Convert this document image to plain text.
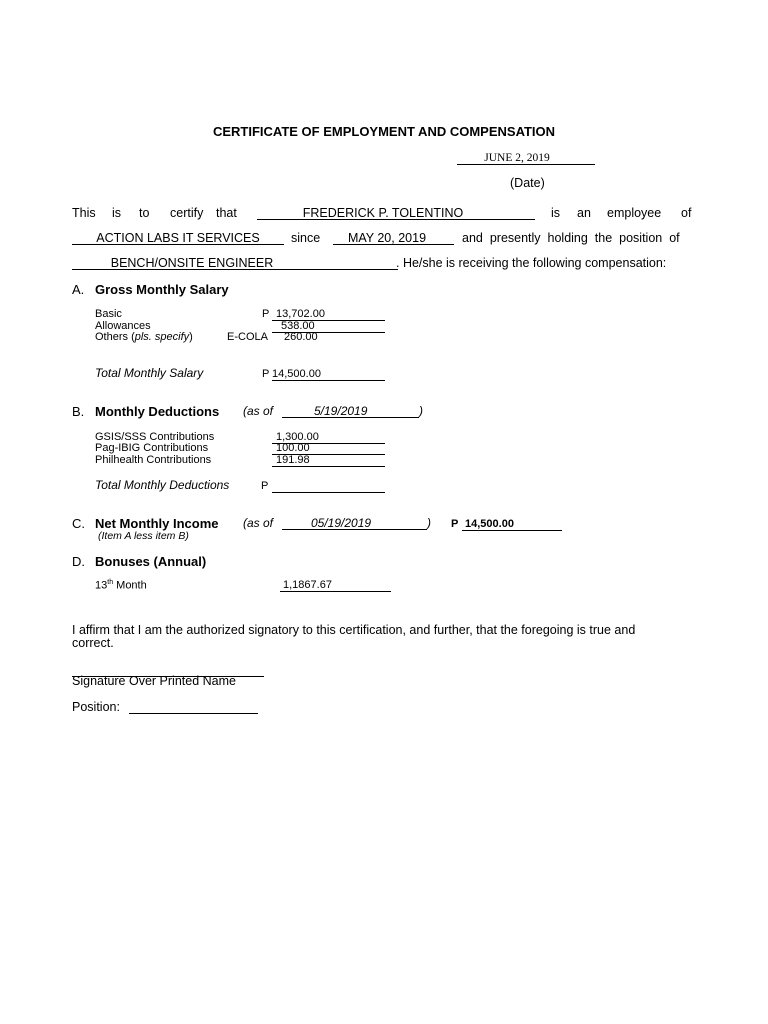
CERTIFICATE OF EMPLOYMENT AND COMPENSATION
JUNE 2, 2019
(Date)
This is to certify that	FREDERICK P. TOLENTINO	is an employee of
ACTION LABS IT SERVICES	since	MAY 20, 2019	and presently holding the position of
BENCH/ONSITE ENGINEER	. He/she is receiving the following compensation:
A. Gross Monthly Salary
Basic	P 13,702.00
Allowances	538.00
Others (pls. specify)	E-COLA 260.00
Total Monthly Salary	P 14,500.00
B. Monthly Deductions (as of	5/19/2019	)
GSIS/SSS Contributions	1,300.00
Pag-IBIG Contributions	100.00
Philhealth Contributions	191.98
Total Monthly Deductions	P
C. Net Monthly Income (as of	05/19/2019	) P 14,500.00
(Item A less item B)
D. Bonuses (Annual)
13th Month	1,1867.67
I affirm that I am the authorized signatory to this certification, and further, that the foregoing is true and
correct.
Signature Over Printed Name
Position:
